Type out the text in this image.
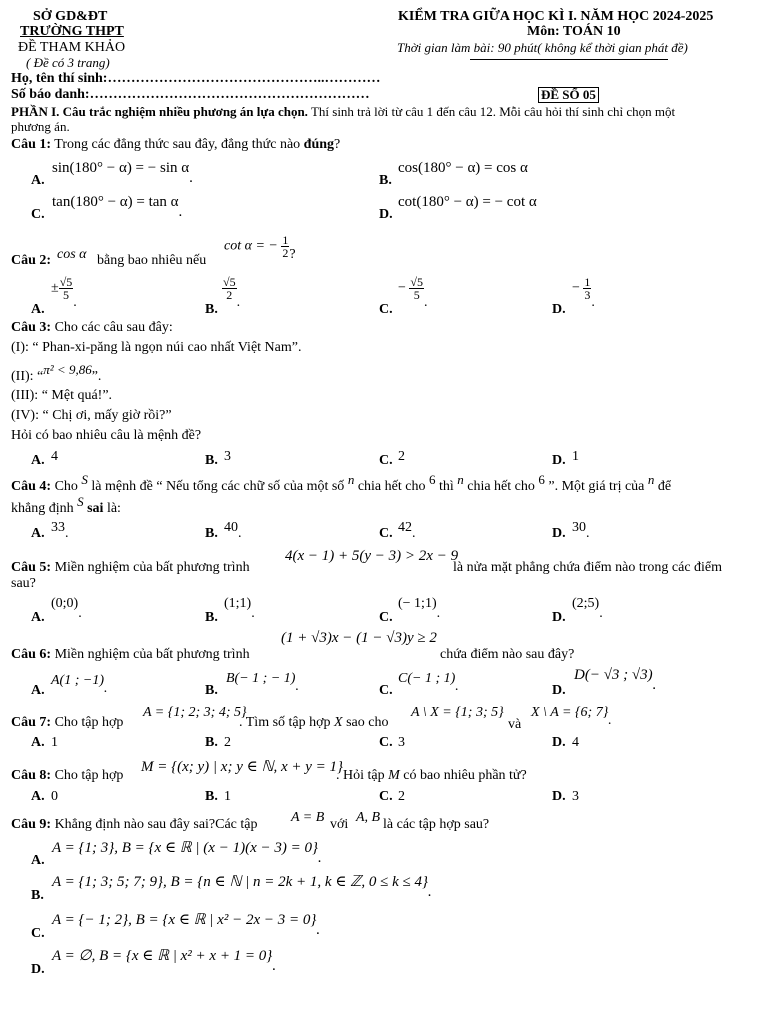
SỞ GD&ĐT
TRƯỜNG THPT
ĐỀ THAM KHẢO
( Đề có 3 trang)
KIỂM TRA GIỮA HỌC KÌ I. NĂM HỌC 2024-2025
Môn: TOÁN 10
Thời gian làm bài: 90 phút( không kể thời gian phát đề)
Họ, tên thí sinh:………………………………………..…………
Số báo danh:……………………………………………………	ĐỀ SỐ 05
PHẦN I. Câu trắc nghiệm nhiều phương án lựa chọn. Thí sinh trả lời từ câu 1 đến câu 12. Mỗi câu hỏi thí sinh chỉ chọn một
phương án.
Câu 1: Trong các đẳng thức sau đây, đẳng thức nào đúng?
A.
sin(180° − α) = − sin α.	B.
cos(180° − α) = cos α
C.
tan(180° − α) = tan α.	D.
cot(180° − α) = − cot α
Câu 2: cos α bằng bao nhiêu nếu
cot α = − $\frac{1}{2}$ ?
A.
± $\frac{√5}{5}$
.	B.
$\frac{√5}{2}$
.	C.
− $\frac{√5}{5}$
.	D.
− $\frac{1}{3}$
.
Câu 3: Cho các câu sau đây:
(I): “ Phan-xi-păng là ngọn núi cao nhất Việt Nam”.
(II): “π² < 9,86”.
(III): “ Mệt quá!”.
(IV): “ Chị ơi, mấy giờ rồi?”
Hỏi có bao nhiêu câu là mệnh đề?
A. 4	B. 3	C. 2	D. 1
Câu 4: Cho S là mệnh đề “ Nếu tổng các chữ số của một số n chia hết cho 6 thì n chia hết cho 6 ”. Một giá trị của n để
khẳng định S sai là:
A. 33.	B. 40.	C. 42.	D. 30.
Câu 5: Miền nghiệm của bất phương trình
4(x − 1) + 5(y − 3) > 2x − 9
là nửa mặt phẳng chứa điểm nào trong các điểm
sau?
A.
(0;0).	B.
(1;1).	C.
(− 1;1).	D.
(2;5).
Câu 6: Miền nghiệm của bất phương trình
(1 + √3)x − (1 − √3)y ≥ 2
chứa điểm nào sau đây?
A.
A(1 ; −1).	B.
B(− 1 ; − 1).	C.
C(− 1 ; 1).	D.
D(− √3 ; √3).
Câu 7: Cho tập hợp
A = {1; 2; 3; 4; 5}
. Tìm số tập hợp X sao cho
A \ X = {1; 3; 5}
và
X \ A = {6; 7}.
A. 1	B. 2	C. 3	D. 4
Câu 8: Cho tập hợp
M = {(x; y) | x; y ∈ ℕ, x + y = 1}
. Hỏi tập M có bao nhiêu phần tử?
A. 0	B. 1	C. 2	D. 3
Câu 9: Khẳng định nào sau đây sai?Các tập A = B với A, B là các tập hợp sau?
A.
A = {1; 3}, B = {x ∈ ℝ | (x − 1)(x − 3) = 0}.
B.
A = {1; 3; 5; 7; 9}, B = {n ∈ ℕ | n = 2k + 1, k ∈ ℤ, 0 ≤ k ≤ 4}.
C.
A = {− 1; 2}, B = {x ∈ ℝ | x² − 2x − 3 = 0}.
D.
A = ∅, B = {x ∈ ℝ | x² + x + 1 = 0}.
